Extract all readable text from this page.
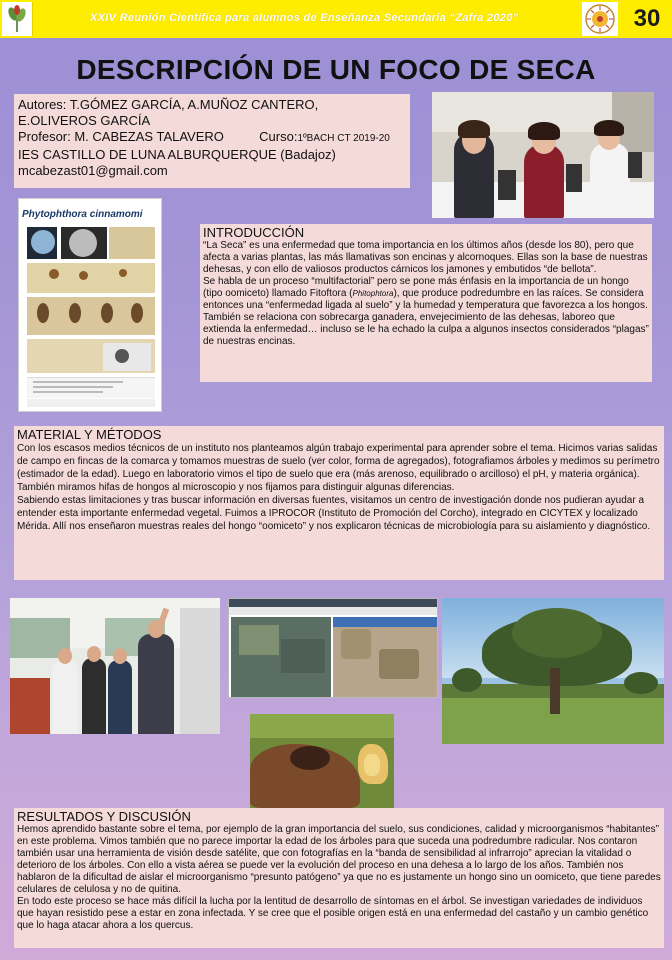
XXIV Reunión Científica para alumnos de Enseñanza Secundaria “Zafra 2020”	30
DESCRIPCIÓN DE UN FOCO DE SECA
Autores: T.GÓMEZ GARCÍA, A.MUÑOZ CANTERO,
E.OLIVEROS GARCÍA
Profesor: M. CABEZAS TALAVERO	Curso:1ºBACH CT 2019-20
IES CASTILLO DE LUNA ALBURQUERQUE (Badajoz)
mcabezast01@gmail.com
Phytophthora cinnamomi
INTRODUCCIÓN

“La Seca” es una enfermedad que toma importancia en los últimos años (desde los 80), pero que afecta a varias plantas, las más llamativas son encinas y alcornoques. Ellas son la base de nuestras dehesas, y con ello de valiosos productos cárnicos los jamones y embutidos “de bellota”.

Se habla de un proceso “multifactorial” pero se pone más énfasis en la importancia de un hongo (tipo oomiceto) llamado Fitoftora (Phitophtora), que produce podredumbre en las raíces. Se considera entonces una “enfermedad ligada al suelo” y la humedad y temperatura que favorezca a los hongos. También se relaciona con sobrecarga ganadera, envejecimiento de las dehesas, laboreo que extienda la enfermedad… incluso se le ha echado la culpa a algunos insectos considerados “plagas” de nuestras encinas.

MATERIAL Y MÉTODOS

Con los escasos medios técnicos de un instituto nos planteamos algún trabajo experimental para aprender sobre el tema. Hicimos varias salidas de campo en fincas de la comarca y tomamos muestras de suelo (ver color, forma de agregados), fotografiamos árboles y medimos su perímetro (estimador de la edad). Luego en laboratorio vimos el tipo de suelo que era (más arenoso, equilibrado o arcilloso) el pH, y materia orgánica).

También miramos hifas de hongos al microscopio y nos fijamos para distinguir algunas diferencias.

Sabiendo estas limitaciones y tras buscar información en diversas fuentes, visitamos un centro de investigación donde nos pudieran ayudar a entender esta importante enfermedad vegetal. Fuimos a IPROCOR (Instituto de Promoción del Corcho), integrado en CICYTEX y localizado Mérida. Allí nos enseñaron muestras reales del hongo “oomiceto” y nos explicaron técnicas de microbiología para su aislamiento y diagnóstico.

RESULTADOS Y DISCUSIÓN

Hemos aprendido bastante sobre el tema, por ejemplo de la gran importancia del suelo, sus condiciones, calidad y microorganismos “habitantes” en este problema. Vimos también que no parece importar la edad de los árboles para que suceda una podredumbre radicular. Nos contaron también usar una herramienta de visión desde satélite, que con fotografías en la “banda de sensibilidad al infrarrojo” aprecian la vitalidad o deterioro de los árboles. Con ello a vista aérea se puede ver la evolución del proceso en una dehesa a lo largo de los años. También nos hablaron de la dificultad de aislar el microorganismo “presunto patógeno” ya que no es justamente un hongo sino un oomiceto, que tiene paredes celulares de celulosa y no de quitina.

En todo este proceso se hace más difícil la lucha por la lentitud de desarrollo de síntomas en el árbol. Se investigan variedades de individuos que hayan resistido pese a estar en zona infectada. Y se cree que el posible origen está en una enfermedad del castaño y un cambio genético que lo haga atacar ahora a los quercus.
